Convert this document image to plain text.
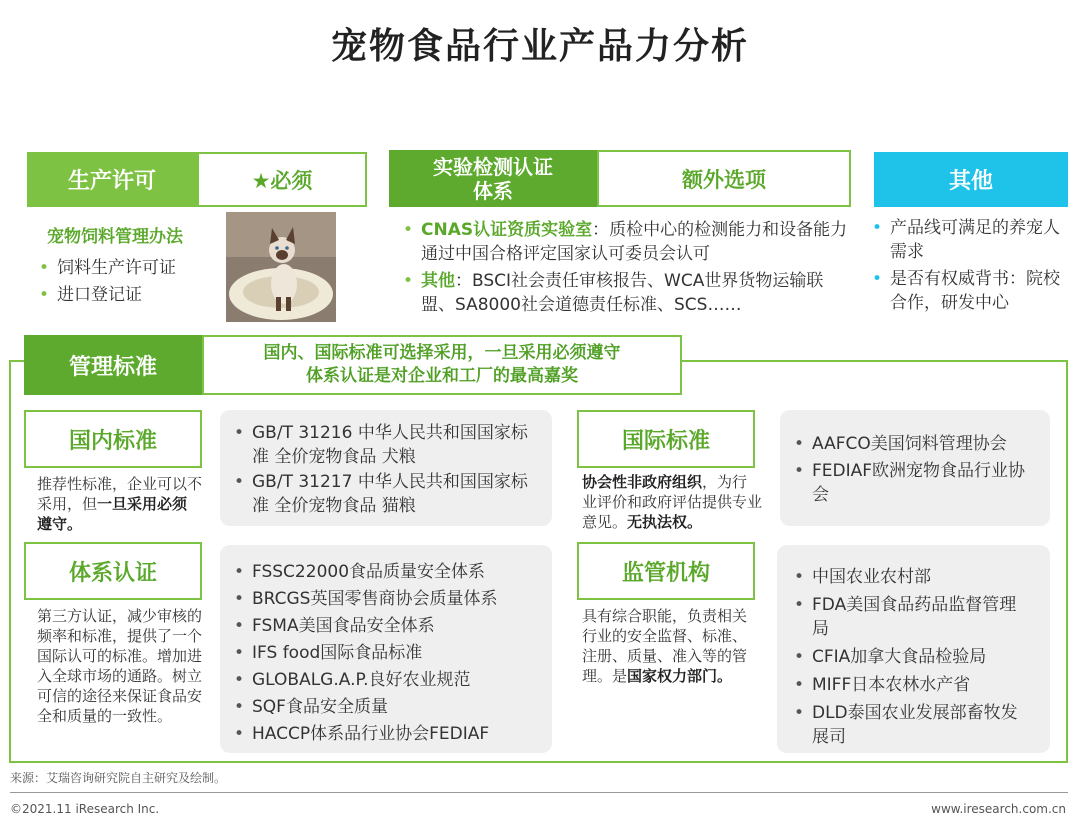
宠物食品行业产品力分析
生产许可	★必须
宠物饲料管理办法
• 饲料生产许可证
• 进口登记证
实验检测认证体系	额外选项
• CNAS认证资质实验室：质检中心的检测能力和设备能力通过中国合格评定国家认可委员会认可
• 其他：BSCI社会责任审核报告、WCA世界货物运输联盟、SA8000社会道德责任标准、SCS……
其他
• 产品线可满足的养宠人需求
• 是否有权威背书：院校合作，研发中心
管理标准
国内、国际标准可选择采用，一旦采用必须遵守
体系认证是对企业和工厂的最高嘉奖
国内标准
推荐性标准，企业可以不采用，但一旦采用必须遵守。
• GB/T 31216 中华人民共和国国家标准 全价宠物食品 犬粮
• GB/T 31217 中华人民共和国国家标准 全价宠物食品 猫粮
国际标准
协会性非政府组织，为行业评价和政府评估提供专业意见。无执法权。
• AAFCO美国饲料管理协会
• FEDIAF欧洲宠物食品行业协会
体系认证
第三方认证，减少审核的频率和标准，提供了一个国际认可的标准。增加进入全球市场的通路。树立可信的途径来保证食品安全和质量的一致性。
• FSSC22000食品质量安全体系
• BRCGS英国零售商协会质量体系
• FSMA美国食品安全体系
• IFS food国际食品标准
• GLOBALG.A.P.良好农业规范
• SQF食品安全质量
• HACCP体系品行业协会FEDIAF
监管机构
具有综合职能，负责相关行业的安全监督、标准、注册、质量、准入等的管理。是国家权力部门。
• 中国农业农村部
• FDA美国食品药品监督管理局
• CFIA加拿大食品检验局
• MIFF日本农林水产省
• DLD泰国农业发展部畜牧发展司
来源：艾瑞咨询研究院自主研究及绘制。
©2021.11 iResearch Inc.	www.iresearch.com.cn
